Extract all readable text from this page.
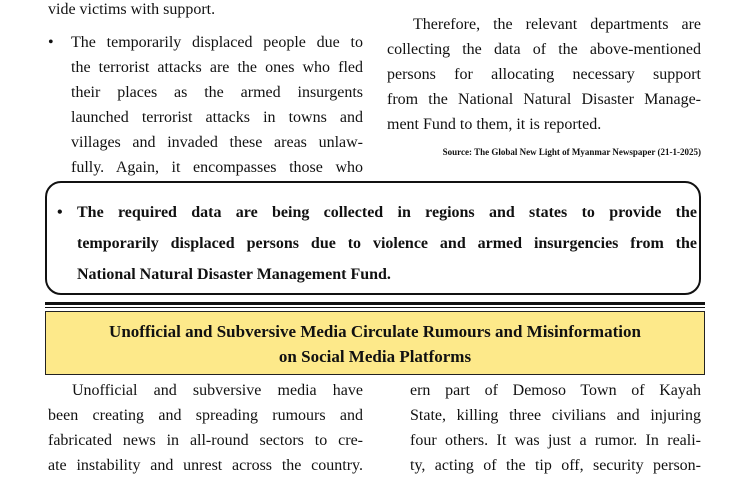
vide victims with support.
• The temporarily displaced people due to
the terrorist attacks are the ones who fled
their places as the armed insurgents
launched terrorist attacks in towns and
villages and invaded these areas unlaw-
fully. Again, it encompasses those who
Therefore, the relevant departments are
collecting the data of the above-mentioned
persons for allocating necessary support
from the National Natural Disaster Manage-
ment Fund to them, it is reported.
Source: The Global New Light of Myanmar Newspaper (21-1-2025)
• The required data are being collected in regions and states to provide the
temporarily displaced persons due to violence and armed insurgencies from the
National Natural Disaster Management Fund.
Unofficial and Subversive Media Circulate Rumours and Misinformation
on Social Media Platforms
Unofficial and subversive media have
been creating and spreading rumours and
fabricated news in all-round sectors to cre-
ate instability and unrest across the country.
ern part of Demoso Town of Kayah
State, killing three civilians and injuring
four others. It was just a rumor. In reali-
ty, acting of the tip off, security person-
